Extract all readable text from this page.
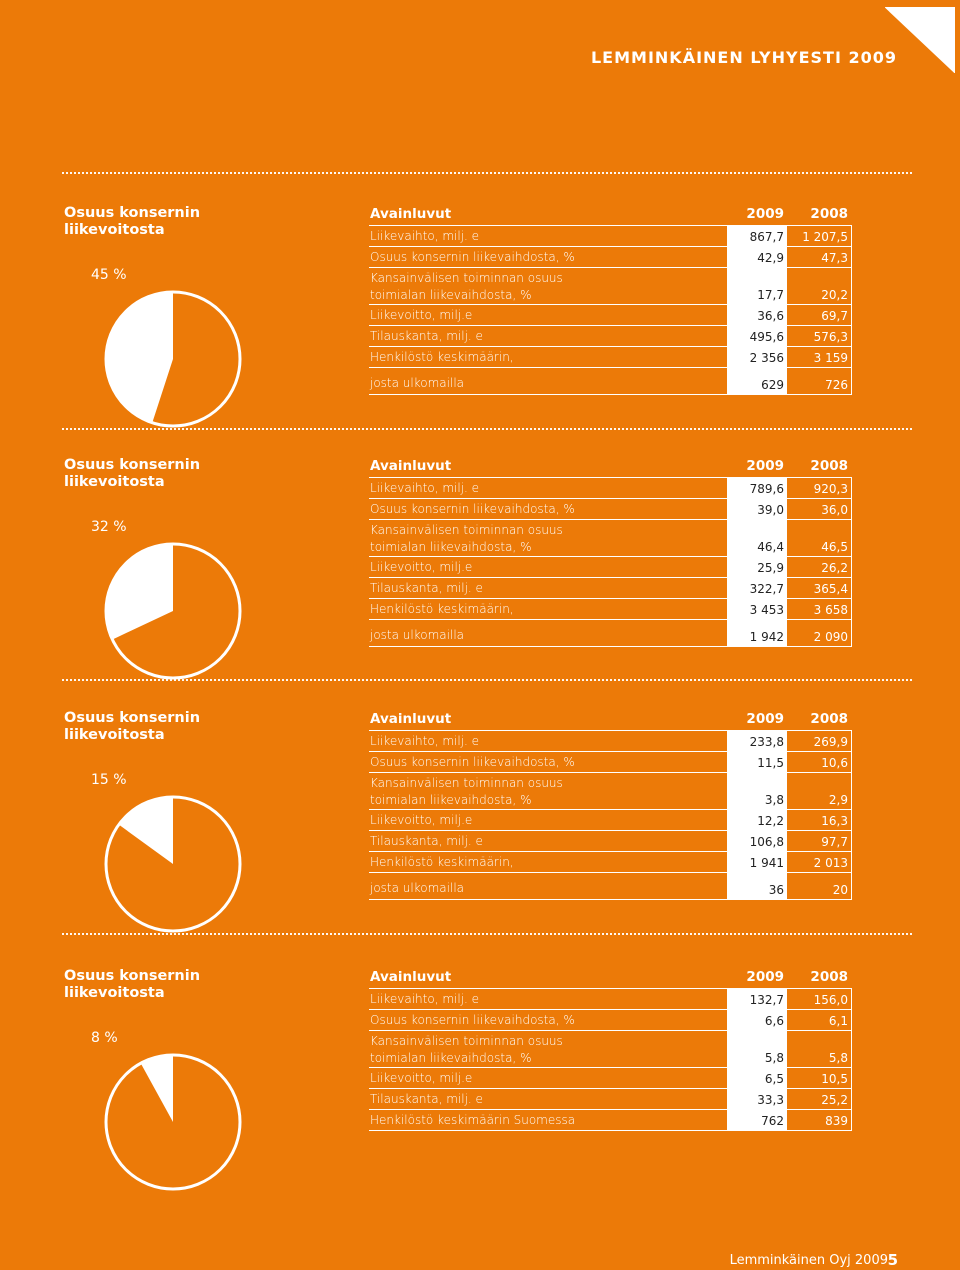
LEMMINKÄINEN LYHYESTI 2009
Osuus konsernin
liikevoitosta
45 %
Avainluvut	2009	2008
Liikevaihto, milj. e	867,7	1 207,5
Osuus konsernin liikevaihdosta, %	42,9	47,3
Kansainvälisen toiminnan osuus
toimialan liikevaihdosta, %	17,7	20,2
Liikevoitto, milj.e	36,6	69,7
Tilauskanta, milj. e	495,6	576,3
Henkilöstö keskimäärin,	2 356	3 159
josta ulkomailla	629	726
Osuus konsernin
liikevoitosta
32 %
Avainluvut	2009	2008
Liikevaihto, milj. e	789,6	920,3
Osuus konsernin liikevaihdosta, %	39,0	36,0
Kansainvälisen toiminnan osuus
toimialan liikevaihdosta, %	46,4	46,5
Liikevoitto, milj.e	25,9	26,2
Tilauskanta, milj. e	322,7	365,4
Henkilöstö keskimäärin,	3 453	3 658
josta ulkomailla	1 942	2 090
Osuus konsernin
liikevoitosta
15 %
Avainluvut	2009	2008
Liikevaihto, milj. e	233,8	269,9
Osuus konsernin liikevaihdosta, %	11,5	10,6
Kansainvälisen toiminnan osuus
toimialan liikevaihdosta, %	3,8	2,9
Liikevoitto, milj.e	12,2	16,3
Tilauskanta, milj. e	106,8	97,7
Henkilöstö keskimäärin,	1 941	2 013
josta ulkomailla	36	20
Osuus konsernin
liikevoitosta
8 %
Avainluvut	2009	2008
Liikevaihto, milj. e	132,7	156,0
Osuus konsernin liikevaihdosta, %	6,6	6,1
Kansainvälisen toiminnan osuus
toimialan liikevaihdosta, %	5,8	5,8
Liikevoitto, milj.e	6,5	10,5
Tilauskanta, milj. e	33,3	25,2
Henkilöstö keskimäärin Suomessa	762	839
Lemminkäinen Oyj 2009 5
